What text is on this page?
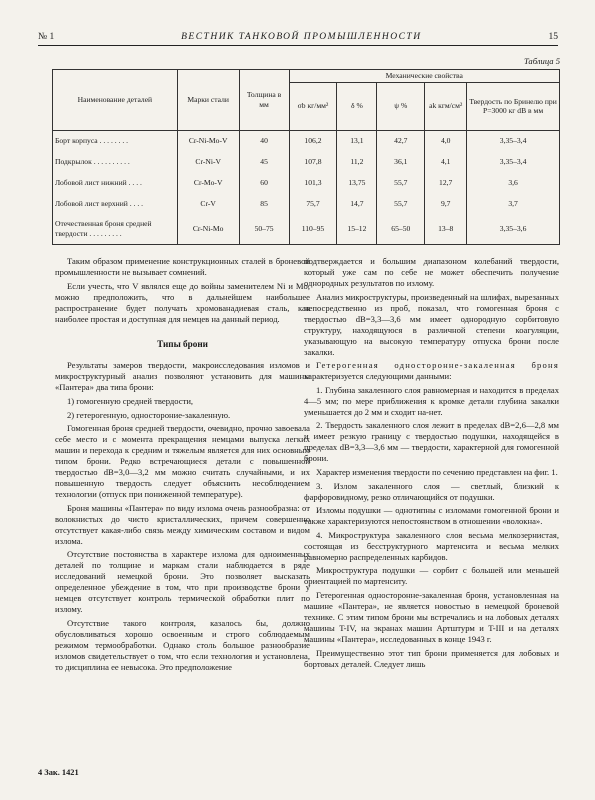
№ 1	ВЕСТНИК ТАНКОВОЙ ПРОМЫШЛЕННОСТИ	15
Таблица 5
Наименование деталей	Марки стали	Толщина в мм	Механические свойства				
			σb кг/мм²	δ %	ψ %	ak кгм/см²	Твердость по Бринелю при P=3000 кг dB в мм
Борт корпуса . . . . . . . .	Cr-Ni-Mo-V	40	106,2	13,1	42,7	4,0	3,35–3,4
Подкрылок . . . . . . . . . .	Cr-Ni-V	45	107,8	11,2	36,1	4,1	3,35–3,4
Лобовой лист нижний . . . .	Cr-Mo-V	60	101,3	13,75	55,7	12,7	3,6
Лобовой лист верхний . . . .	Cr-V	85	75,7	14,7	55,7	9,7	3,7
Отечественная броня средней твердости . . . . . . . . .	Cr-Ni-Mo	50–75	110–95	15–12	65–50	13–8	3,35–3,6

Таким образом применение конструкционных сталей в броневой промышленности не вызывает сомнений.

Если учесть, что V являлся еще до войны заменителем Ni и Mo, можно предположить, что в дальнейшем наибольшее распространение будет получать хромованадиевая сталь, как наиболее простая и доступная для немцев на данный период.

Типы брони

Результаты замеров твердости, макроисследования изломов и микроструктурный анализ позволяют установить для машины «Пантера» два типа брони:

1) гомогенную средней твердости,

2) гетерогенную, одностороние-закаленную.

Гомогенная броня средней твердости, очевидно, прочно завоевала себе место и с момента прекращения немцами выпуска легких машин и перехода к средним и тяжелым является для них основным типом брони. Редко встречающиеся детали с повышенной твердостью dB=3,0—3,2 мм можно считать случайными, и их повышенную твердость следует объяснить несоблюдением технологии (отпуск при пониженной температуре).

Броня машины «Пантера» по виду излома очень разнообразна: от волокнистых до чисто кристаллических, причем совершенно отсутствует какая-либо связь между химическим составом и видом излома.

Отсутствие постоянства в характере излома для одноименных деталей по толщине и маркам стали наблюдается в ряде исследований немецкой брони. Это позволяет высказать определенное убеждение в том, что при производстве брони у немцев отсутствует контроль термической обработки плит по излому.

Отсутствие такого контроля, казалось бы, должно обусловливаться хорошо освоенным и строго соблюдаемым режимом термообработки. Однако столь большое разнообразие изломов свидетельствует о том, что если технология и установлена, то дисциплина ее невысока. Это предположение

подтверждается и большим диапазоном колебаний твердости, который уже сам по себе не может обеспечить получение однородных результатов по излому.

Анализ микроструктуры, произведенный на шлифах, вырезанных непосредственно из проб, показал, что гомогенная броня с твердостью dB=3,3—3,6 мм имеет однородную сорбитовую структуру, находящуюся в различной степени коагуляции, указывающую на высокую температуру отпуска брони после закалки.

Гетерогенная односторонне-закаленная броня характеризуется следующими данными:

1. Глубина закаленного слоя равномерная и находится в пределах 4—5 мм; по мере приближения к кромке детали глубина закалки уменьшается до 2 мм и сходит на-нет.

2. Твердость закаленного слоя лежит в пределах dB=2,6—2,8 мм и имеет резкую границу с твердостью подушки, находящейся в пределах dB=3,3—3,6 мм — твердости, характерной для гомогенной брони.

Характер изменения твердости по сечению представлен на фиг. 1.

3. Излом закаленного слоя — светлый, близкий к фарфоровидному, резко отличающийся от подушки.

Изломы подушки — однотипны с изломами гомогенной брони и также характеризуются непостоянством в отношении «волокна».

4. Микроструктура закаленного слоя весьма мелкозернистая, состоящая из бесструктурного мартенсита и весьма мелких равномерно распределенных карбидов.

Микроструктура подушки — сорбит с большей или меньшей ориентацией по мартенситу.

Гетерогенная односторонне-закаленная броня, установленная на машине «Пантера», не является новостью в немецкой броневой технике. С этим типом брони мы встречались и на лобовых деталях машины T-IV, на экранах машин Артштурм и T-III и на деталях машины «Пантера», исследованных в конце 1943 г.

Преимущественно этот тип брони применяется для лобовых и бортовых деталей. Следует лишь

4 Зак. 1421
